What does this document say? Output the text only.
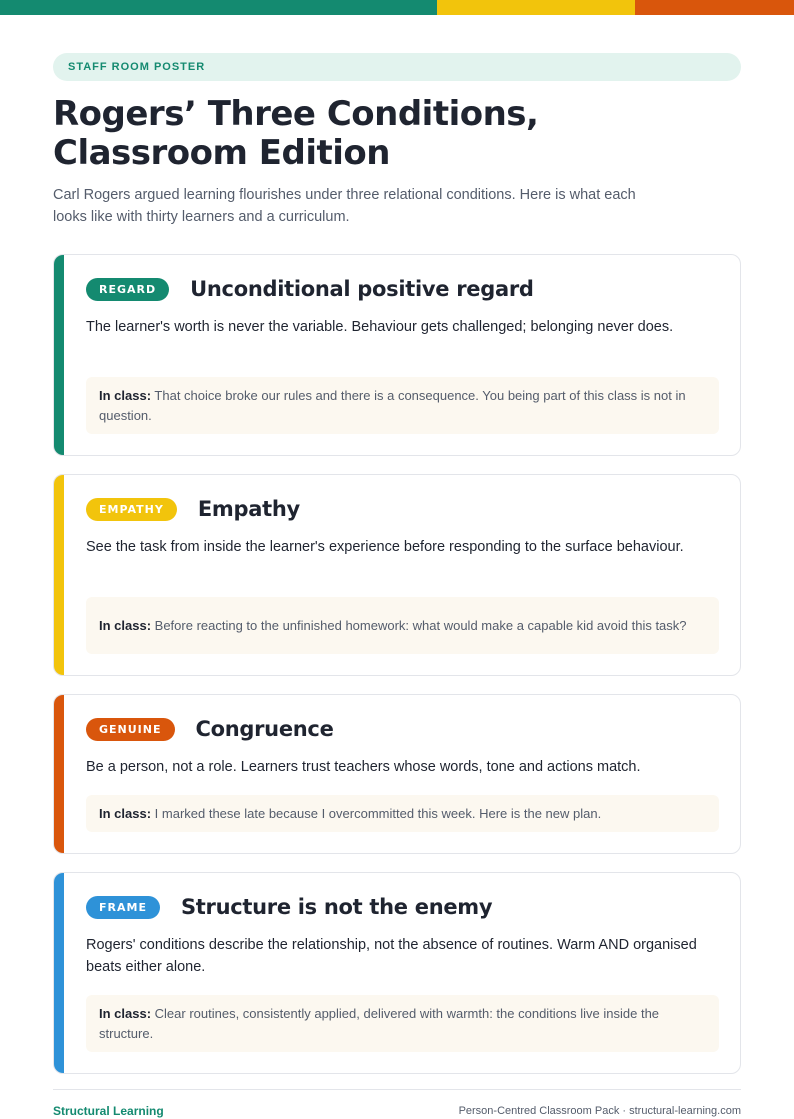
STAFF ROOM POSTER
Rogers’ Three Conditions, Classroom Edition

Carl Rogers argued learning flourishes under three relational conditions. Here is what each looks like with thirty learners and a curriculum.

REGARD	Unconditional positive regard

The learner's worth is never the variable. Behaviour gets challenged; belonging never does.

In class: That choice broke our rules and there is a consequence. You being part of this class is not in question.

EMPATHY	Empathy

See the task from inside the learner's experience before responding to the surface behaviour.

In class: Before reacting to the unfinished homework: what would make a capable kid avoid this task?

GENUINE	Congruence

Be a person, not a role. Learners trust teachers whose words, tone and actions match.

In class: I marked these late because I overcommitted this week. Here is the new plan.

FRAME	Structure is not the enemy

Rogers' conditions describe the relationship, not the absence of routines. Warm AND organised beats either alone.

In class: Clear routines, consistently applied, delivered with warmth: the conditions live inside the structure.

Structural Learning	Person-Centred Classroom Pack · structural-learning.com
